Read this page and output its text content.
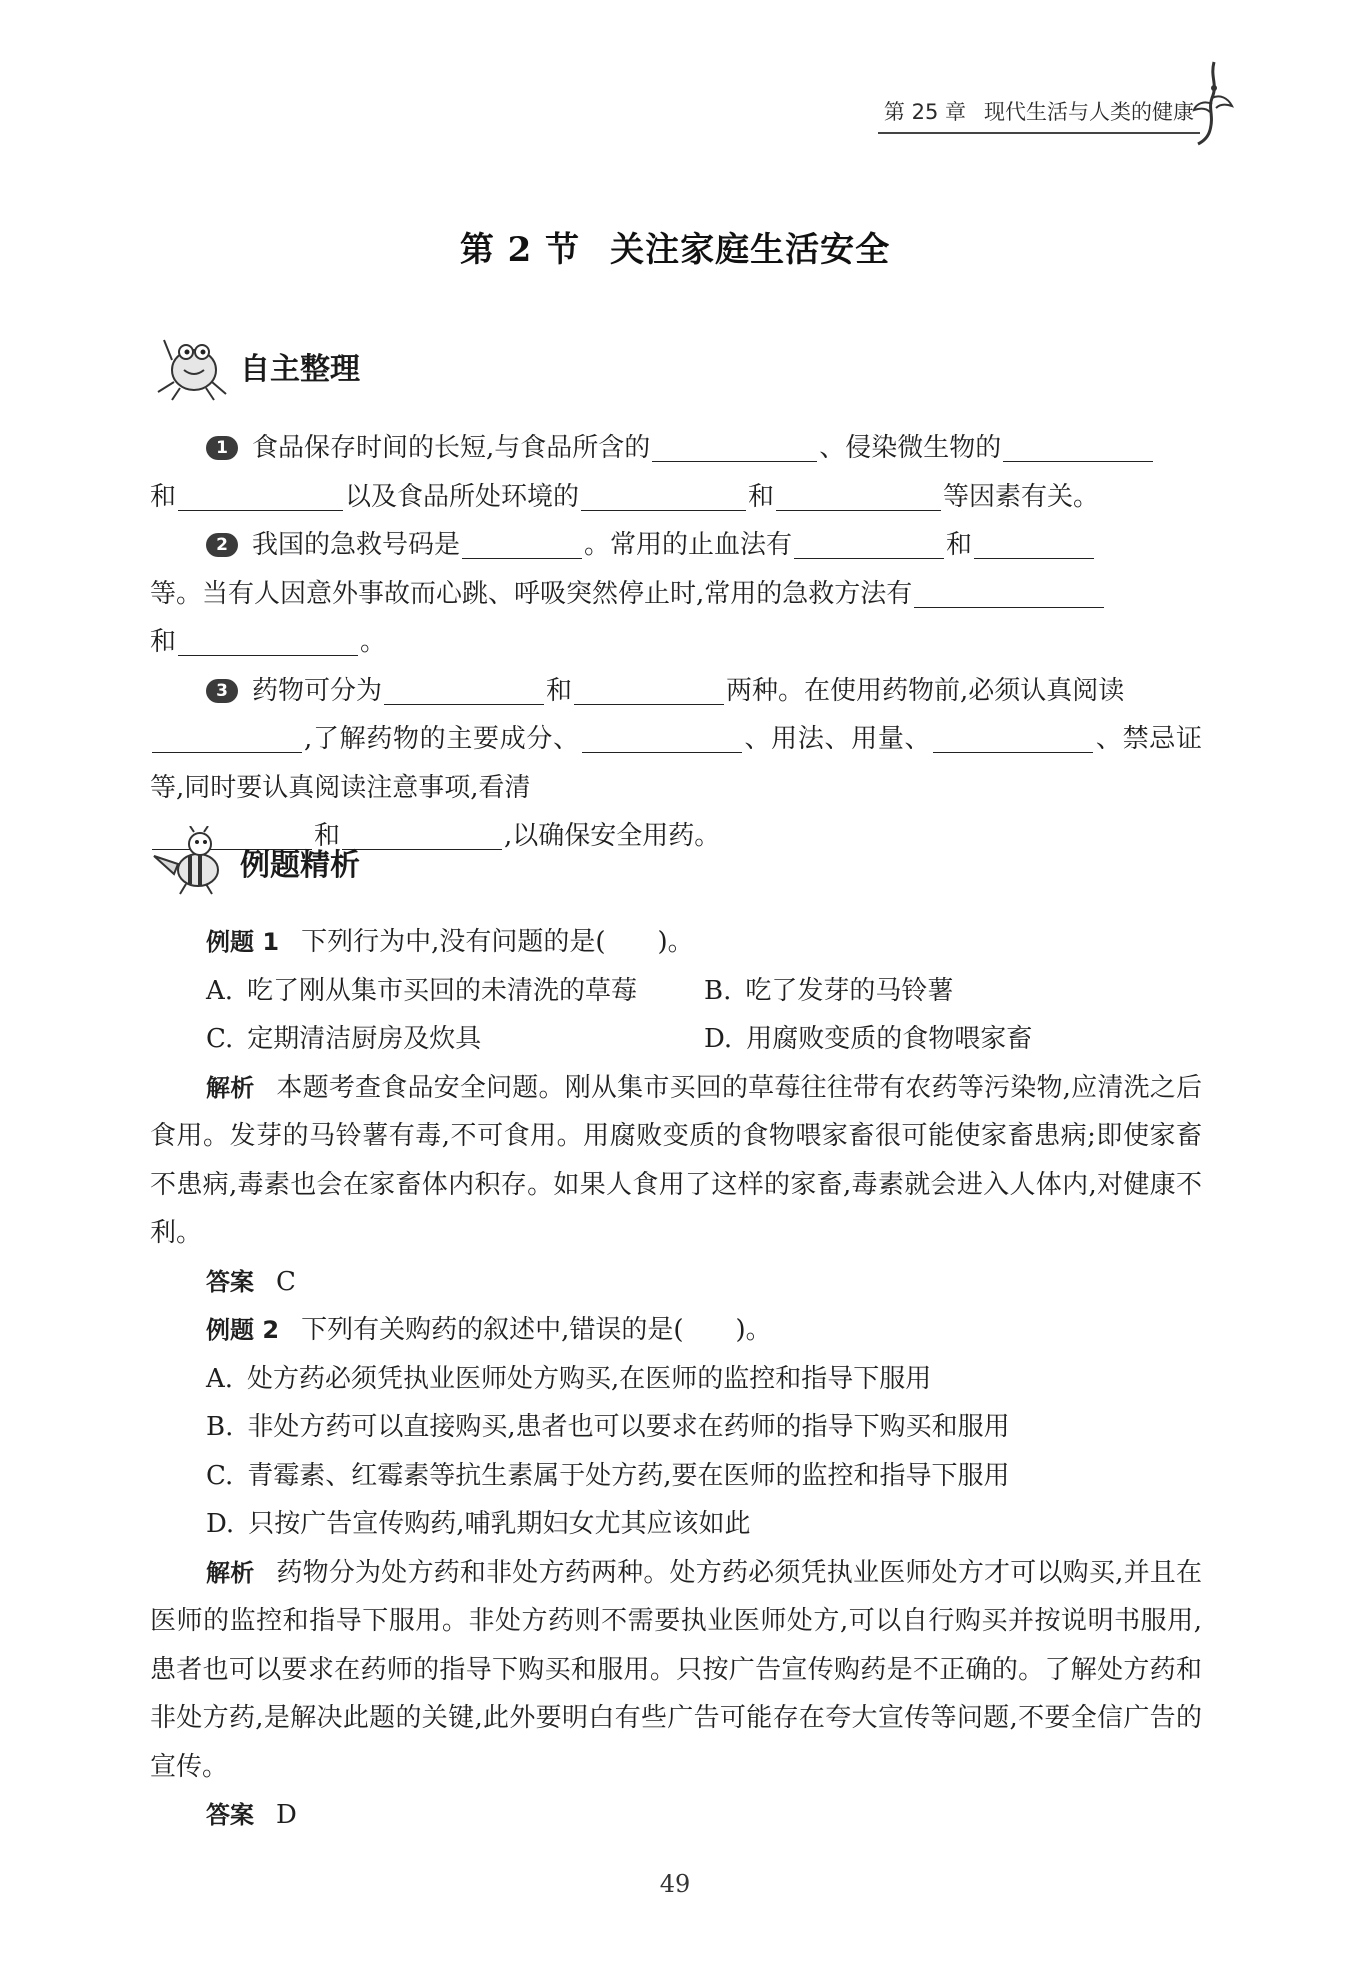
第 25 章 现代生活与人类的健康
第 2 节 关注家庭生活安全
自主整理
1 食品保存时间的长短,与食品所含的	、侵染微生物的
和	以及食品所处环境的	和	等因素有关。
2 我国的急救号码是	。常用的止血法有	和
等。当有人因意外事故而心跳、呼吸突然停止时,常用的急救方法有
和	。
3 药物可分为	和	两种。在使用药物前,必须认真阅读
,了解药物的主要成分、	、用法、用量、	、禁忌证等,同时要认真阅读注意事项,看清
和	,以确保安全用药。
例题精析
例题 1 下列行为中,没有问题的是(　　)。
A. 吃了刚从集市买回的未清洗的草莓	B. 吃了发芽的马铃薯
C. 定期清洁厨房及炊具	D. 用腐败变质的食物喂家畜
解析 本题考查食品安全问题。刚从集市买回的草莓往往带有农药等污染物,应清洗之后食用。发芽的马铃薯有毒,不可食用。用腐败变质的食物喂家畜很可能使家畜患病;即使家畜不患病,毒素也会在家畜体内积存。如果人食用了这样的家畜,毒素就会进入人体内,对健康不利。
答案 C
例题 2 下列有关购药的叙述中,错误的是(　　)。
A. 处方药必须凭执业医师处方购买,在医师的监控和指导下服用
B. 非处方药可以直接购买,患者也可以要求在药师的指导下购买和服用
C. 青霉素、红霉素等抗生素属于处方药,要在医师的监控和指导下服用
D. 只按广告宣传购药,哺乳期妇女尤其应该如此
解析 药物分为处方药和非处方药两种。处方药必须凭执业医师处方才可以购买,并且在医师的监控和指导下服用。非处方药则不需要执业医师处方,可以自行购买并按说明书服用,患者也可以要求在药师的指导下购买和服用。只按广告宣传购药是不正确的。了解处方药和非处方药,是解决此题的关键,此外要明白有些广告可能存在夸大宣传等问题,不要全信广告的宣传。
答案 D
49
